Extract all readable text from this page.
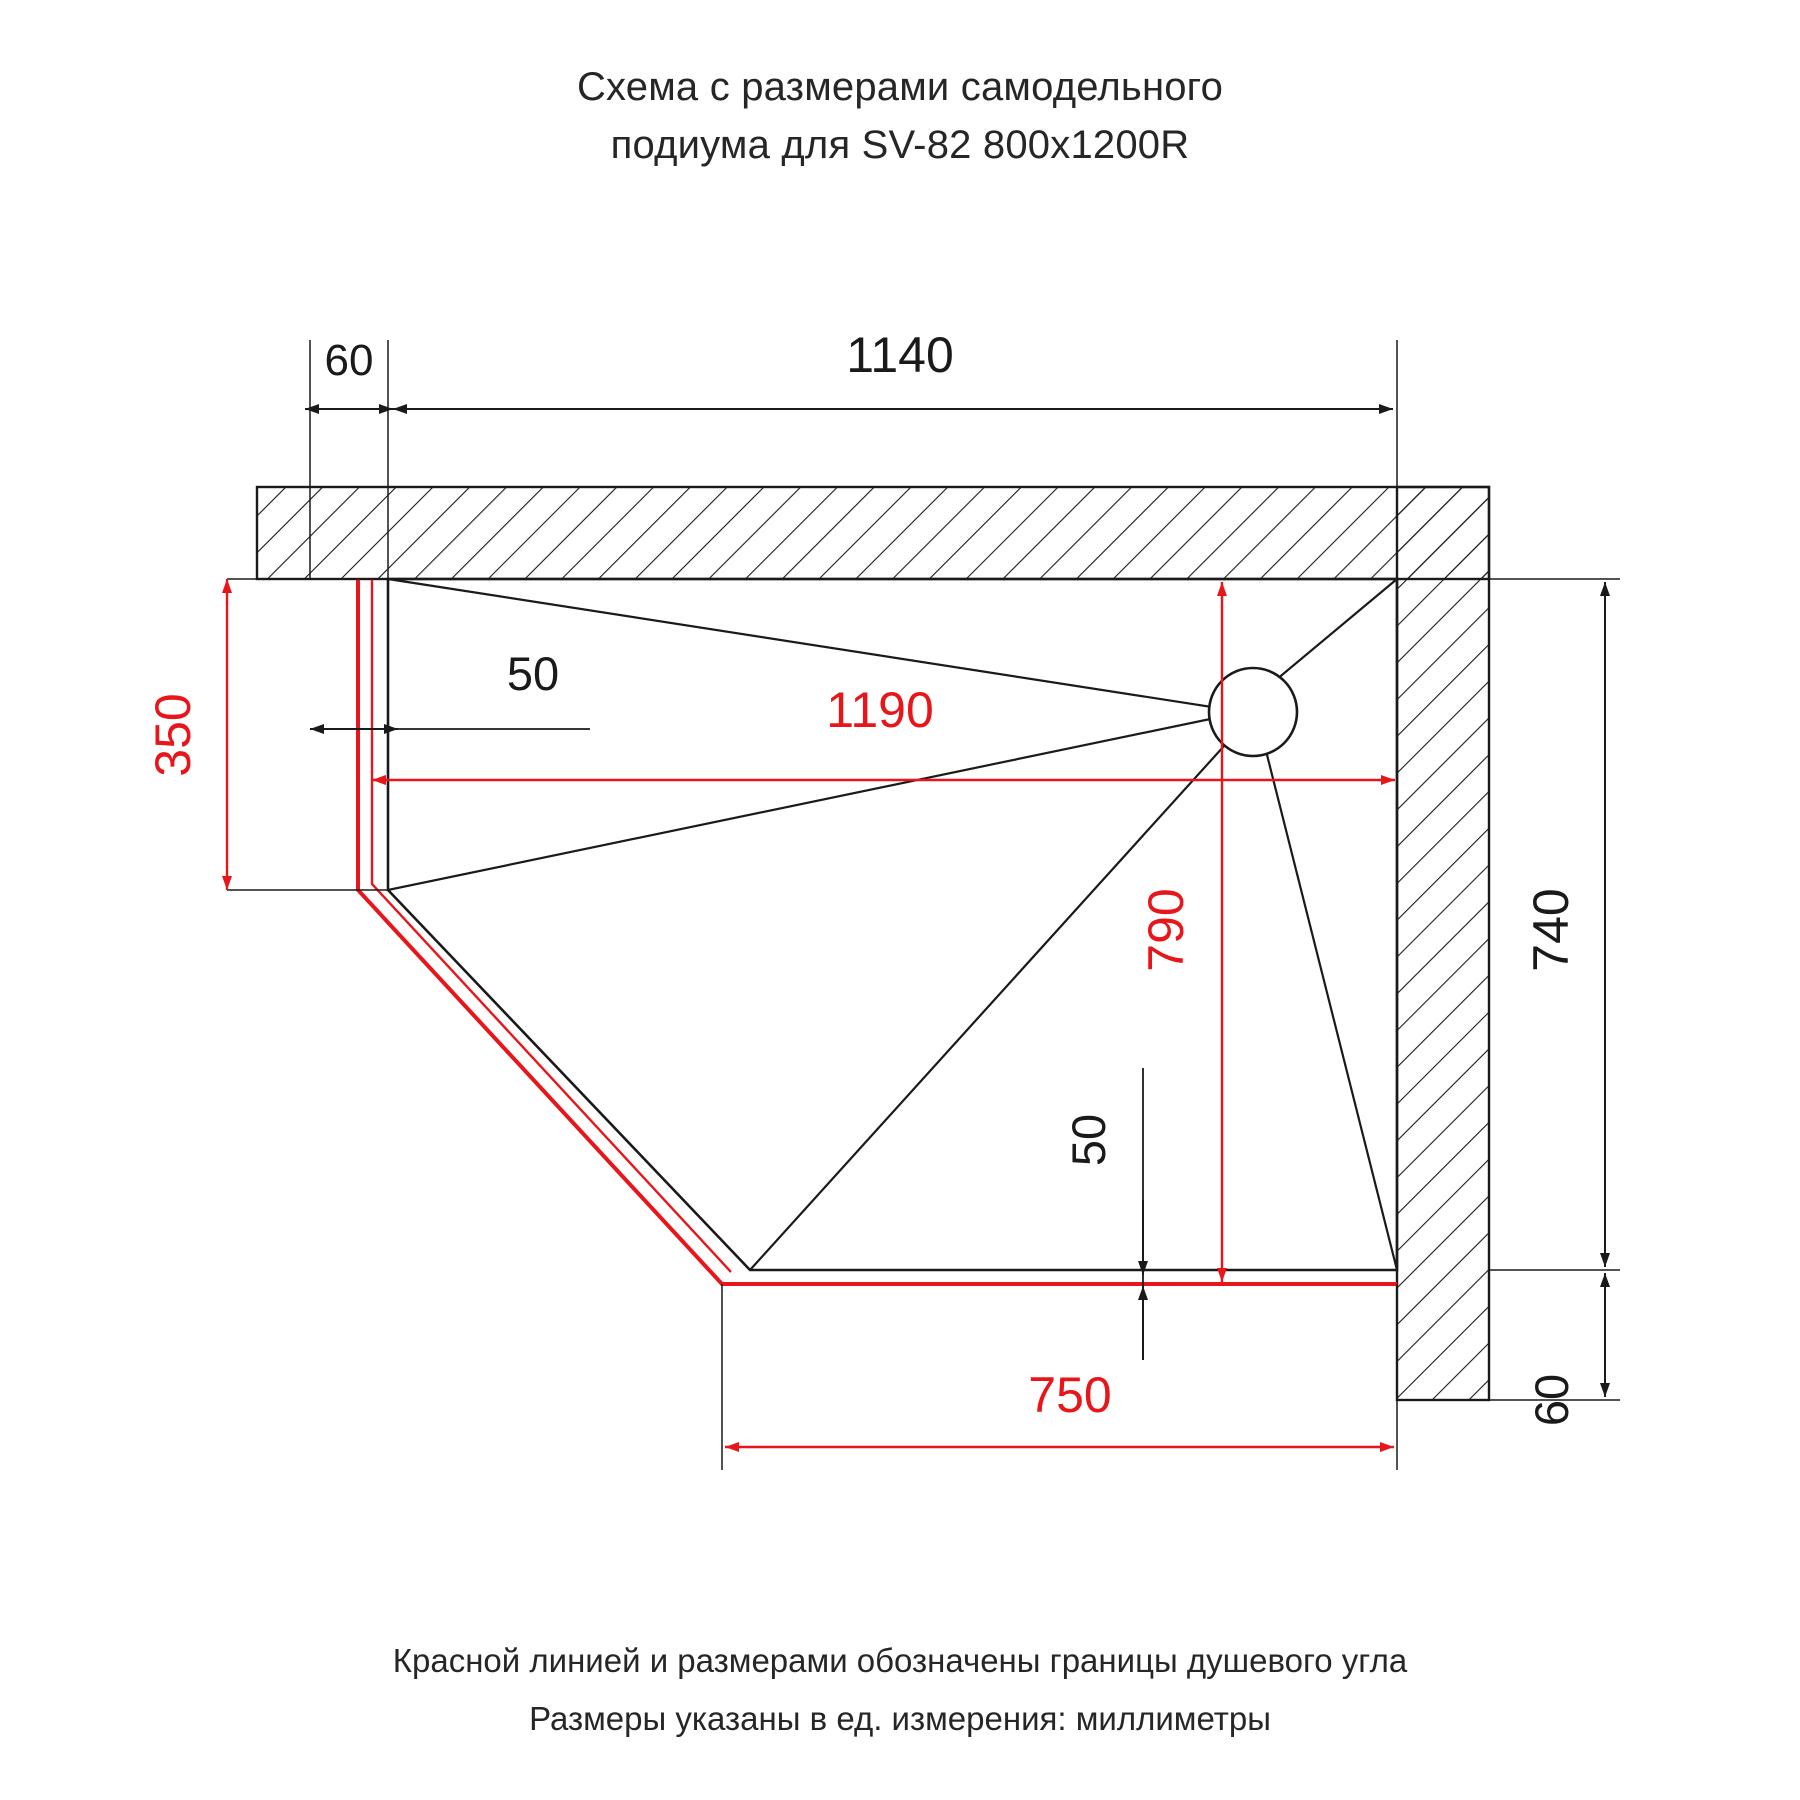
Схема с размерами самодельного
подиума для SV-82 800x1200R
60	1140
350
50
1190
790
50
740
60
750
Красной линией и размерами обозначены границы душевого угла
Размеры указаны в ед. измерения: миллиметры
